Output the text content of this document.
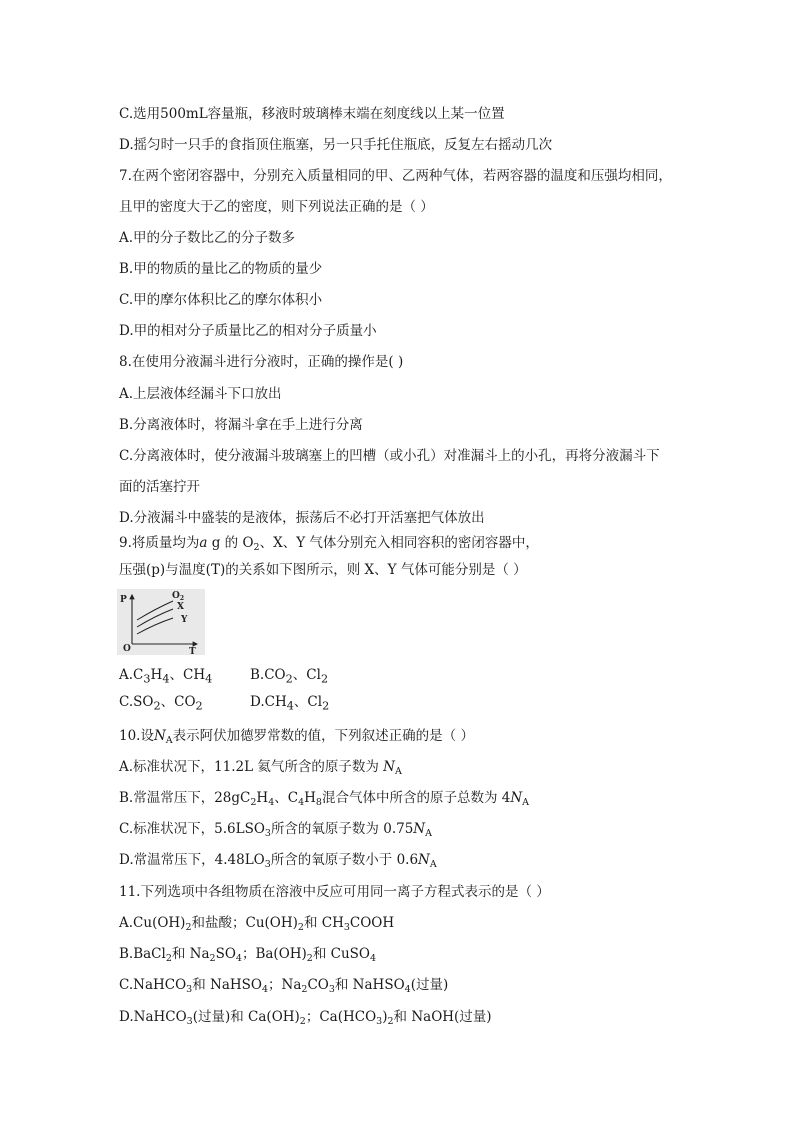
C.选用500mL容量瓶，移液时玻璃棒末端在刻度线以上某一位置
D.摇匀时一只手的食指顶住瓶塞，另一只手托住瓶底，反复左右摇动几次
7.在两个密闭容器中，分别充入质量相同的甲、乙两种气体，若两容器的温度和压强均相同，
且甲的密度大于乙的密度，则下列说法正确的是（ ）
A.甲的分子数比乙的分子数多
B.甲的物质的量比乙的物质的量少
C.甲的摩尔体积比乙的摩尔体积小
D.甲的相对分子质量比乙的相对分子质量小
8.在使用分液漏斗进行分液时，正确的操作是( )
A.上层液体经漏斗下口放出
B.分离液体时，将漏斗拿在手上进行分离
C.分离液体时，使分液漏斗玻璃塞上的凹槽（或小孔）对准漏斗上的小孔，再将分液漏斗下
面的活塞拧开
D.分液漏斗中盛装的是液体，振荡后不必打开活塞把气体放出
9.将质量均为a g 的 $O_2$、X、Y 气体分别充入相同容积的密闭容器中，
压强(p)与温度(T)的关系如下图所示，则 X、Y 气体可能分别是（ ）
P
O	T
$O_2$
X
Y
$A.C_3H_4$、$CH_4$	$B.CO_2$、$Cl_2$
$C.SO_2$、$CO_2$	$D.CH_4$、$Cl_2$
10.设$N_A$表示阿伏加德罗常数的值，下列叙述正确的是（ ）
A.标准状况下，11.2L 氦气所含的原子数为 $N_A$
B.常温常压下，$28gC_2H_4$、$C_4H_8$混合气体中所含的原子总数为 $4N_A$
C.标准状况下，$5.6LSO_3$所含的氧原子数为 $0.75N_A$
D.常温常压下，$4.48LO_3$所含的氧原子数小于 $0.6N_A$
11.下列选项中各组物质在溶液中反应可用同一离子方程式表示的是（ ）
$A.Cu(OH)_2$和盐酸；$Cu(OH)_2$和 $CH_3COOH$
B.BaCl$_2$和 $Na_2SO_4$；$Ba(OH)_2$和 CuSO$_4$
C.NaHCO$_3$和 NaHSO$_4$；$Na_2CO_3$和 NaHSO$_4$(过量)
D.NaHCO$_3$(过量)和 $Ca(OH)_2$；$Ca(HCO_3)_2$和 NaOH(过量)
